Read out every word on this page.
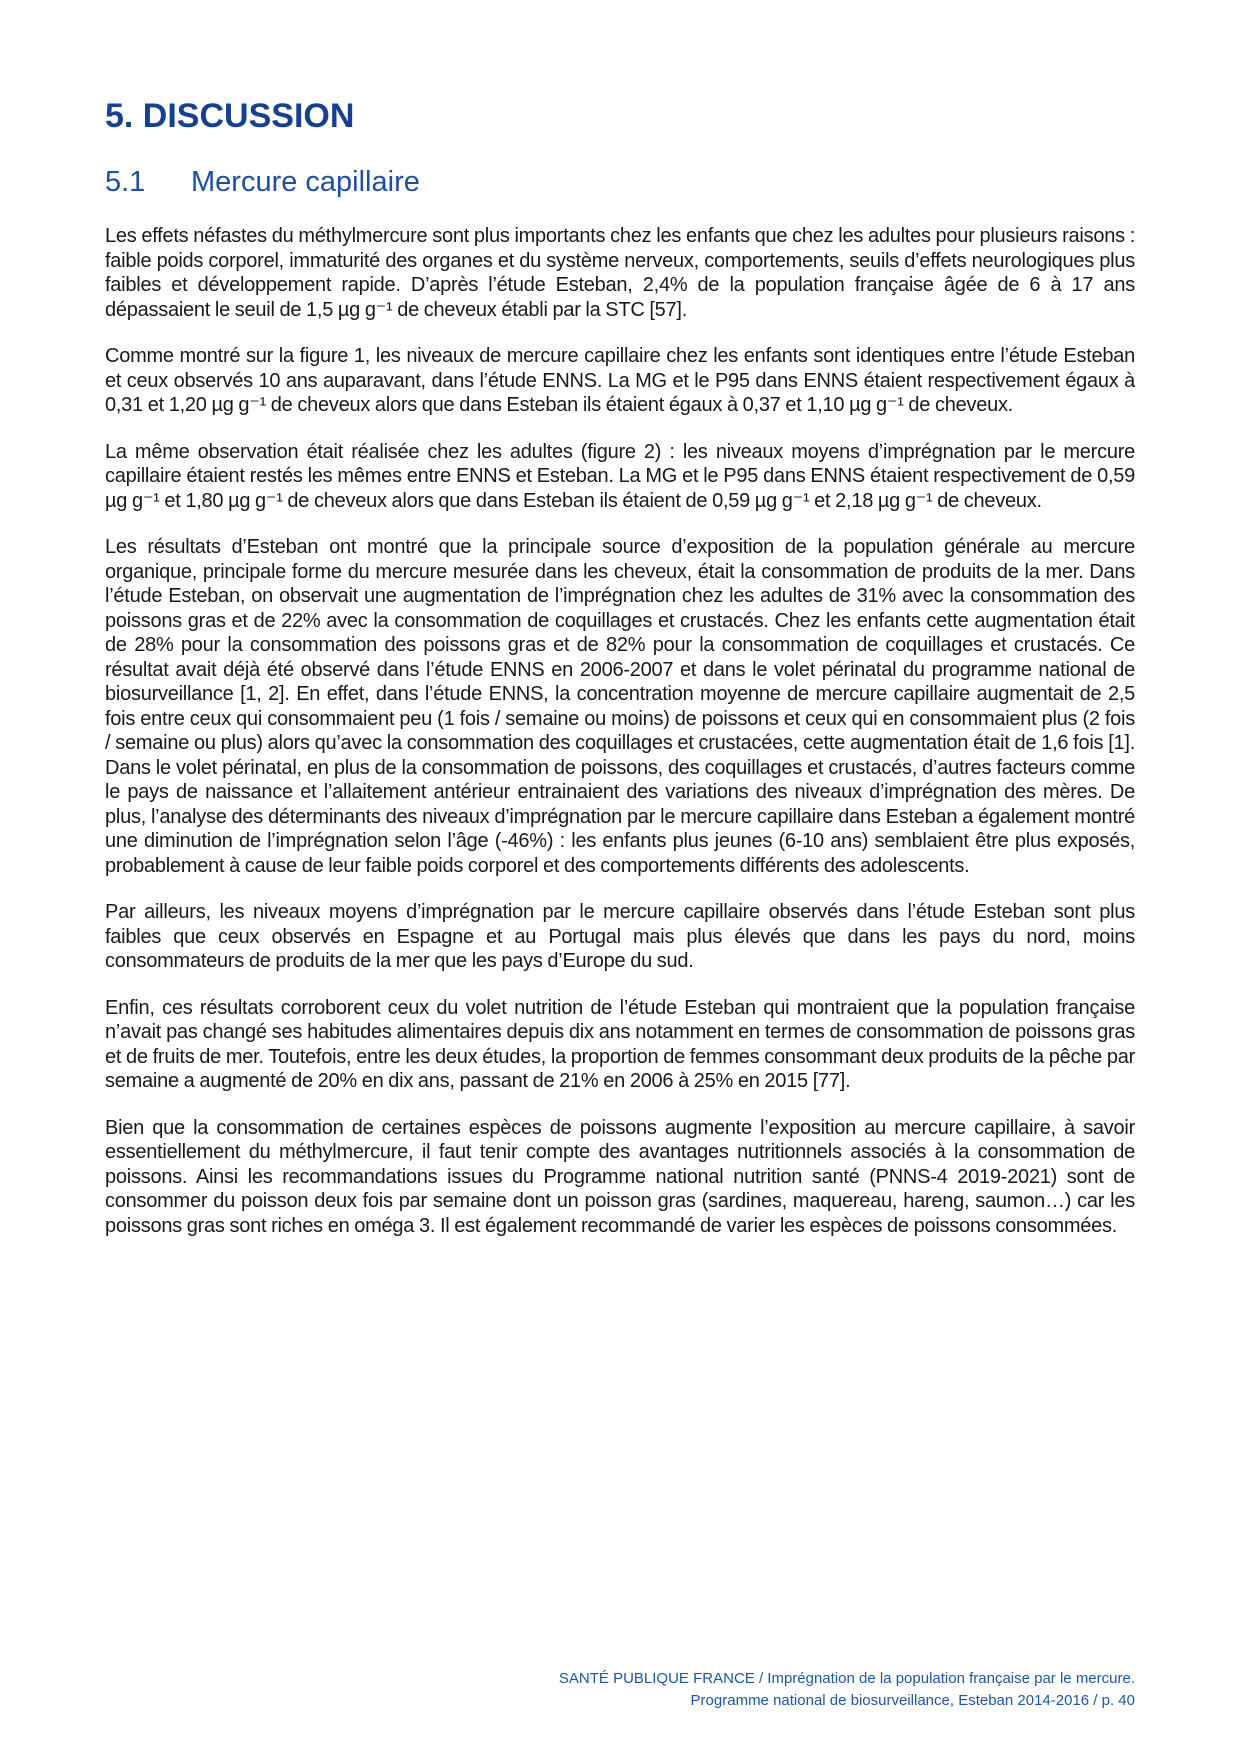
5. DISCUSSION
5.1	Mercure capillaire

Les effets néfastes du méthylmercure sont plus importants chez les enfants que chez les adultes pour plusieurs raisons : faible poids corporel, immaturité des organes et du système nerveux, comportements, seuils d’effets neurologiques plus faibles et développement rapide. D’après l’étude Esteban, 2,4% de la population française âgée de 6 à 17 ans dépassaient le seuil de 1,5 µg g⁻¹ de cheveux établi par la STC [57].

Comme montré sur la figure 1, les niveaux de mercure capillaire chez les enfants sont identiques entre l’étude Esteban et ceux observés 10 ans auparavant, dans l’étude ENNS. La MG et le P95 dans ENNS étaient respectivement égaux à 0,31 et 1,20 µg g⁻¹ de cheveux alors que dans Esteban ils étaient égaux à 0,37 et 1,10 µg g⁻¹ de cheveux.

La même observation était réalisée chez les adultes (figure 2) : les niveaux moyens d’imprégnation par le mercure capillaire étaient restés les mêmes entre ENNS et Esteban. La MG et le P95 dans ENNS étaient respectivement de 0,59 µg g⁻¹ et 1,80 µg g⁻¹ de cheveux alors que dans Esteban ils étaient de 0,59 µg g⁻¹ et 2,18 µg g⁻¹ de cheveux.

Les résultats d’Esteban ont montré que la principale source d’exposition de la population générale au mercure organique, principale forme du mercure mesurée dans les cheveux, était la consommation de produits de la mer. Dans l’étude Esteban, on observait une augmentation de l’imprégnation chez les adultes de 31% avec la consommation des poissons gras et de 22% avec la consommation de coquillages et crustacés. Chez les enfants cette augmentation était de 28% pour la consommation des poissons gras et de 82% pour la consommation de coquillages et crustacés. Ce résultat avait déjà été observé dans l’étude ENNS en 2006-2007 et dans le volet périnatal du programme national de biosurveillance [1, 2]. En effet, dans l’étude ENNS, la concentration moyenne de mercure capillaire augmentait de 2,5 fois entre ceux qui consommaient peu (1 fois / semaine ou moins) de poissons et ceux qui en consommaient plus (2 fois / semaine ou plus) alors qu’avec la consommation des coquillages et crustacées, cette augmentation était de 1,6 fois [1]. Dans le volet périnatal, en plus de la consommation de poissons, des coquillages et crustacés, d’autres facteurs comme le pays de naissance et l’allaitement antérieur entrainaient des variations des niveaux d’imprégnation des mères. De plus, l’analyse des déterminants des niveaux d’imprégnation par le mercure capillaire dans Esteban a également montré une diminution de l’imprégnation selon l’âge (-46%) : les enfants plus jeunes (6-10 ans) semblaient être plus exposés, probablement à cause de leur faible poids corporel et des comportements différents des adolescents.

Par ailleurs, les niveaux moyens d’imprégnation par le mercure capillaire observés dans l’étude Esteban sont plus faibles que ceux observés en Espagne et au Portugal mais plus élevés que dans les pays du nord, moins consommateurs de produits de la mer que les pays d’Europe du sud.

Enfin, ces résultats corroborent ceux du volet nutrition de l’étude Esteban qui montraient que la population française n’avait pas changé ses habitudes alimentaires depuis dix ans notamment en termes de consommation de poissons gras et de fruits de mer. Toutefois, entre les deux études, la proportion de femmes consommant deux produits de la pêche par semaine a augmenté de 20% en dix ans, passant de 21% en 2006 à 25% en 2015 [77].

Bien que la consommation de certaines espèces de poissons augmente l’exposition au mercure capillaire, à savoir essentiellement du méthylmercure, il faut tenir compte des avantages nutritionnels associés à la consommation de poissons. Ainsi les recommandations issues du Programme national nutrition santé (PNNS-4 2019-2021) sont de consommer du poisson deux fois par semaine dont un poisson gras (sardines, maquereau, hareng, saumon…) car les poissons gras sont riches en oméga 3. Il est également recommandé de varier les espèces de poissons consommées.

SANTÉ PUBLIQUE FRANCE / Imprégnation de la population française par le mercure.
Programme national de biosurveillance, Esteban 2014-2016 / p. 40
